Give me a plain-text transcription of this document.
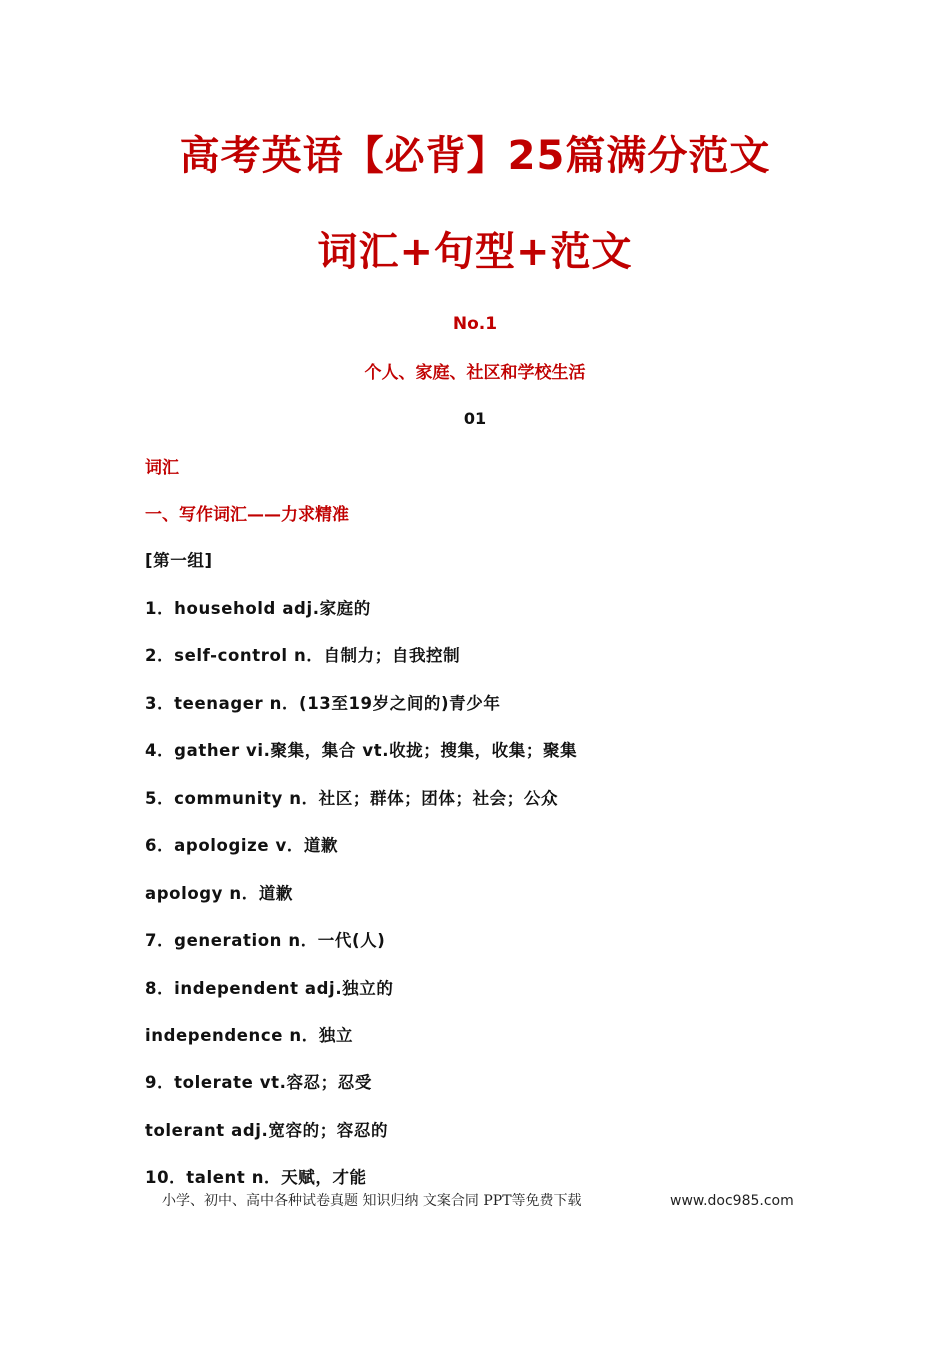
高考英语【必背】25篇满分范文
词汇+句型+范文
No.1
个人、家庭、社区和学校生活
01
词汇
一、写作词汇——力求精准
[第一组]
1．household adj.家庭的
2．self-control n．自制力；自我控制
3．teenager n．(13至19岁之间的)青少年
4．gather vi.聚集，集合 vt.收拢；搜集，收集；聚集
5．community n．社区；群体；团体；社会；公众
6．apologize v．道歉
apology n．道歉
7．generation n．一代(人)
8．independent adj.独立的
independence n．独立
9．tolerate vt.容忍；忍受
tolerant adj.宽容的；容忍的
10．talent n．天赋，才能
小学、初中、高中各种试卷真题 知识归纳 文案合同 PPT等免费下载	www.doc985.com
